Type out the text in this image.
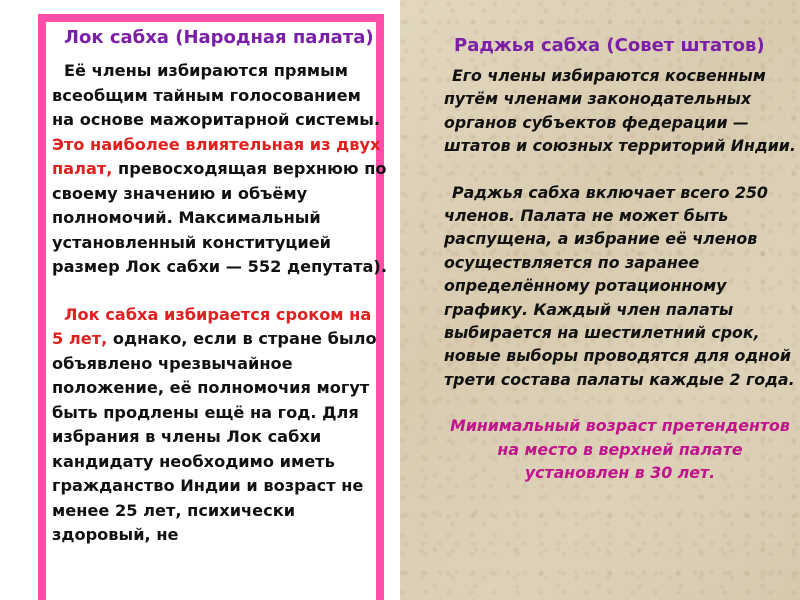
Лок сабха (Народная палата)

Её члены избираются прямым всеобщим тайным голосованием на основе мажоритарной системы. Это наиболее влиятельная из двух палат, превосходящая верхнюю по своему значению и объёму полномочий. Максимальный установленный конституцией размер Лок сабхи — 552 депутата).

Лок сабха избирается сроком на 5 лет, однако, если в стране было объявлено чрезвычайное положение, её полномочия могут быть продлены ещё на год. Для избрания в члены Лок сабхи кандидату необходимо иметь гражданство Индии и возраст не менее 25 лет, психически здоровый, не

Раджья сабха (Совет штатов)

Его члены избираются косвенным путём членами законодательных органов субъектов федерации — штатов и союзных территорий Индии.

Раджья сабха включает всего 250 членов. Палата не может быть распущена, а избрание её членов осуществляется по заранее определённому ротационному графику. Каждый член палаты выбирается на шестилетний срок, новые выборы проводятся для одной трети состава палаты каждые 2 года.

Минимальный возраст претендентов на место в верхней палате установлен в 30 лет.
